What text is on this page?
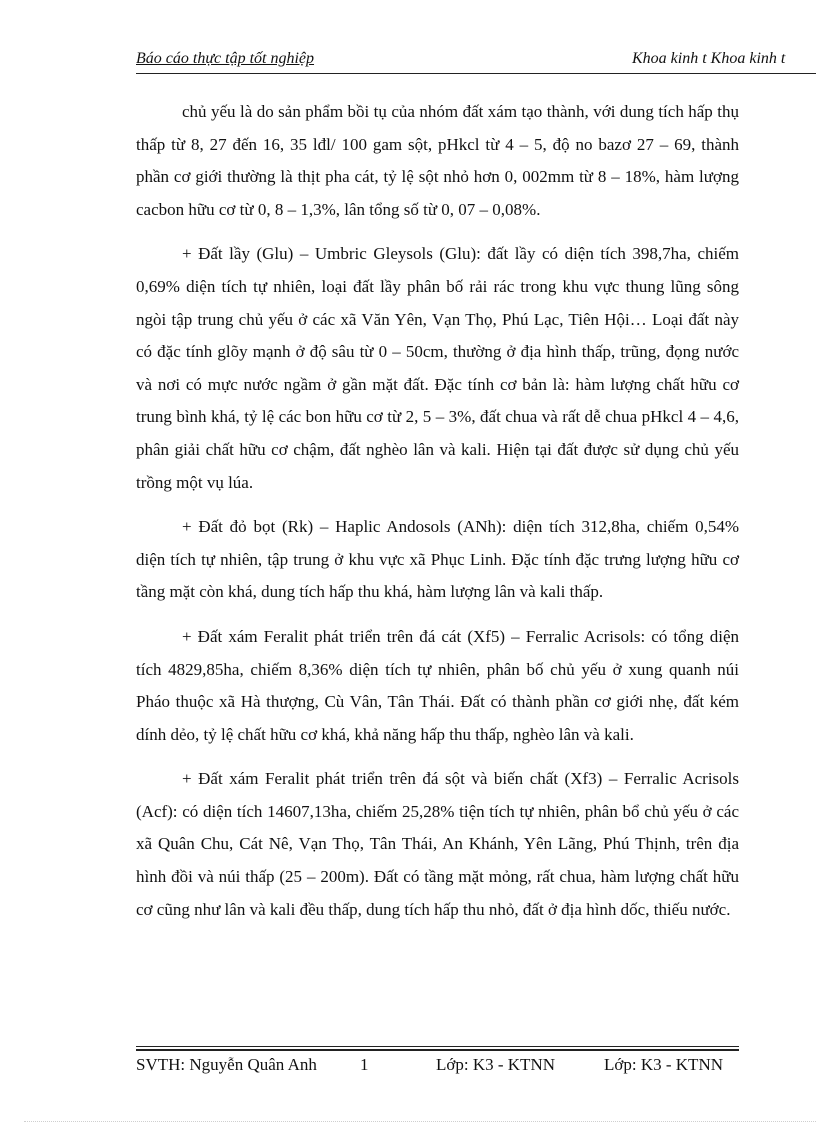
Báo cáo thực tập tốt nghiệp	Khoa kinh t Khoa kinh t

chủ yếu là do sản phẩm bồi tụ của nhóm đất xám tạo thành, với dung tích hấp thụ thấp từ 8, 27 đến 16, 35 lđl/ 100 gam sột, pHkcl từ 4 – 5, độ no bazơ 27 – 69, thành phần cơ giới thường là thịt pha cát, tỷ lệ sột nhỏ hơn 0, 002mm từ 8 – 18%, hàm lượng cacbon hữu cơ từ 0, 8 – 1,3%, lân tổng số từ 0, 07 – 0,08%.

+ Đất lầy (Glu) – Umbric Gleysols (Glu): đất lầy có diện tích 398,7ha, chiếm 0,69% diện tích tự nhiên, loại đất lầy phân bố rải rác trong khu vực thung lũng sông ngòi tập trung chủ yếu ở các xã Văn Yên, Vạn Thọ, Phú Lạc, Tiên Hội… Loại đất này có đặc tính glõy mạnh ở độ sâu từ 0 – 50cm, thường ở địa hình thấp, trũng, đọng nước và nơi có mực nước ngầm ở gần mặt đất. Đặc tính cơ bản là: hàm lượng chất hữu cơ trung bình khá, tỷ lệ các bon hữu cơ từ 2, 5 – 3%, đất chua và rất dễ chua pHkcl 4 – 4,6, phân giải chất hữu cơ chậm, đất nghèo lân và kali. Hiện tại đất được sử dụng chủ yếu trồng một vụ lúa.

+ Đất đỏ bọt (Rk) – Haplic Andosols (ANh): diện tích 312,8ha, chiếm 0,54% diện tích tự nhiên, tập trung ở khu vực xã Phục Linh. Đặc tính đặc trưng lượng hữu cơ tầng mặt còn khá, dung tích hấp thu khá, hàm lượng lân và kali thấp.

+ Đất xám Feralit phát triển trên đá cát (Xf5) – Ferralic Acrisols: có tổng diện tích 4829,85ha, chiếm 8,36% diện tích tự nhiên, phân bố chủ yếu ở xung quanh núi Pháo thuộc xã Hà thượng, Cù Vân, Tân Thái. Đất có thành phần cơ giới nhẹ, đất kém dính dẻo, tỷ lệ chất hữu cơ khá, khả năng hấp thu thấp, nghèo lân và kali.

+ Đất xám Feralit phát triển trên đá sột và biến chất (Xf3) – Ferralic Acrisols (Acf): có diện tích 14607,13ha, chiếm 25,28% tiện tích tự nhiên, phân bổ chủ yếu ở các xã Quân Chu, Cát Nê, Vạn Thọ, Tân Thái, An Khánh, Yên Lãng, Phú Thịnh, trên địa hình đồi và núi thấp (25 – 200m). Đất có tầng mặt mỏng, rất chua, hàm lượng chất hữu cơ cũng như lân và kali đều thấp, dung tích hấp thu nhỏ, đất ở địa hình dốc, thiếu nước.

SVTH: Nguyễn Quân Anh	1	Lớp: K3 - KTNN	Lớp: K3 - KTNN
